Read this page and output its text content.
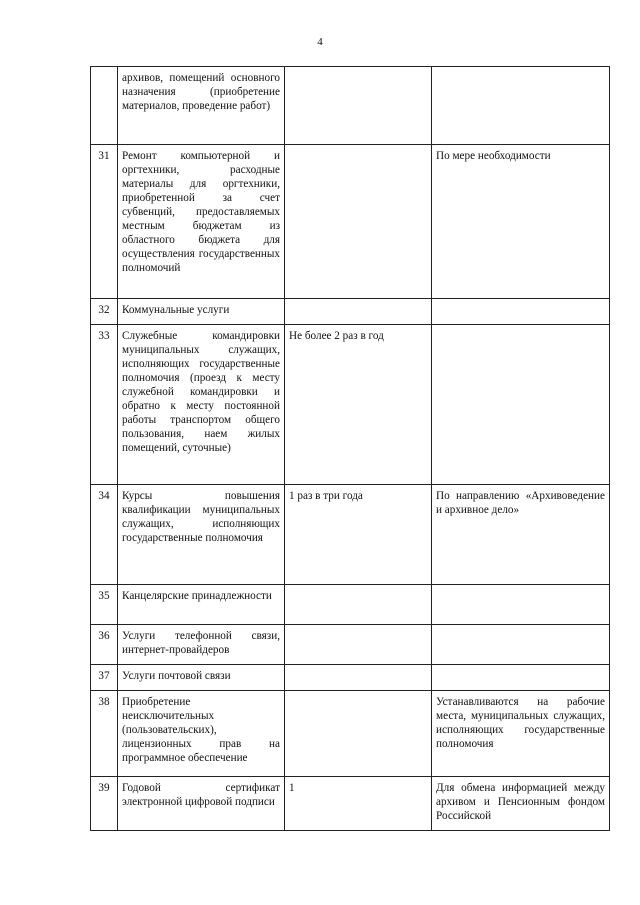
4
	архивов, помещений основного назначения (приобретение материалов, проведение работ)		
31	Ремонт компьютерной и оргтехники, расходные материалы для оргтехники, приобретенной за счет субвенций, предоставляемых местным бюджетам из областного бюджета для осуществления государственных полномочий		По мере необходимости
32	Коммунальные услуги		
33	Служебные командировки муниципальных служащих, исполняющих государственные полномочия (проезд к месту служебной командировки и обратно к месту постоянной работы транспортом общего пользования, наем жилых помещений, суточные)	Не более 2 раз в год	
34	Курсы повышения квалификации муниципальных служащих, исполняющих государственные полномочия	1 раз в три года	По направлению «Архивоведение и архивное дело»
35	Канцелярские принадлежности		
36	Услуги телефонной связи, интернет-провайдеров		
37	Услуги почтовой связи		
38	Приобретение неисключительных (пользовательских), лицензионных прав на программное обеспечение		Устанавливаются на рабочие места, муниципальных служащих, исполняющих государственные полномочия
39	Годовой сертификат электронной цифровой подписи	1	Для обмена информацией между архивом и Пенсионным фондом Российской
